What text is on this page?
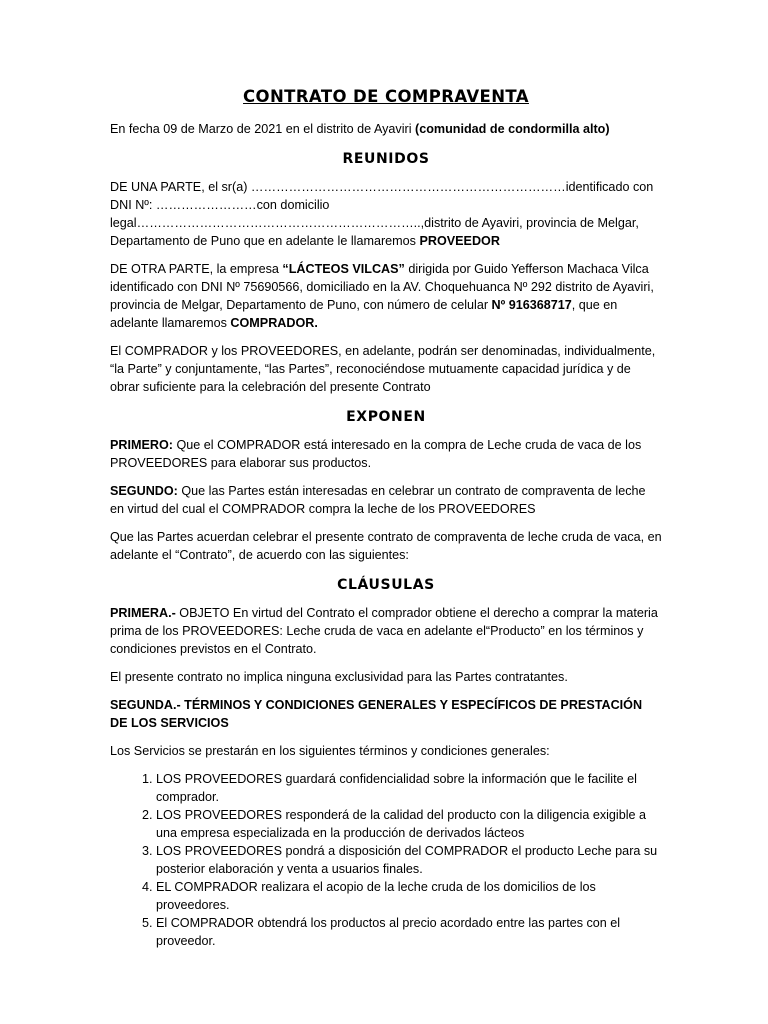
CONTRATO DE COMPRAVENTA

En fecha 09 de Marzo de 2021 en el distrito de Ayaviri (comunidad de condormilla alto)

REUNIDOS

DE UNA PARTE, el sr(a) …………………………………………………………………identificado con DNI Nº: ……………………con domicilio legal…………………………………………………………..,distrito de Ayaviri, provincia de Melgar, Departamento de Puno que en adelante le llamaremos PROVEEDOR

DE OTRA PARTE, la empresa “LÁCTEOS VILCAS” dirigida por Guido Yefferson Machaca Vilca identificado con DNI Nº 75690566, domiciliado en la AV. Choquehuanca Nº 292 distrito de Ayaviri, provincia de Melgar, Departamento de Puno, con número de celular Nº 916368717, que en adelante llamaremos COMPRADOR.

El COMPRADOR y los PROVEEDORES, en adelante, podrán ser denominadas, individualmente, “la Parte” y conjuntamente, “las Partes”, reconociéndose mutuamente capacidad jurídica y de obrar suficiente para la celebración del presente Contrato

EXPONEN

PRIMERO: Que el COMPRADOR está interesado en la compra de Leche cruda de vaca de los PROVEEDORES para elaborar sus productos.

SEGUNDO: Que las Partes están interesadas en celebrar un contrato de compraventa de leche en virtud del cual el COMPRADOR compra la leche de los PROVEEDORES

Que las Partes acuerdan celebrar el presente contrato de compraventa de leche cruda de vaca, en adelante el “Contrato”, de acuerdo con las siguientes:

CLÁUSULAS

PRIMERA.- OBJETO En virtud del Contrato el comprador obtiene el derecho a comprar la materia prima de los PROVEEDORES: Leche cruda de vaca en adelante el“Producto” en los términos y condiciones previstos en el Contrato.

El presente contrato no implica ninguna exclusividad para las Partes contratantes.

SEGUNDA.- TÉRMINOS Y CONDICIONES GENERALES Y ESPECÍFICOS DE PRESTACIÓN DE LOS SERVICIOS

Los Servicios se prestarán en los siguientes términos y condiciones generales:

1. LOS PROVEEDORES guardará confidencialidad sobre la información que le facilite el comprador.
2. LOS PROVEEDORES responderá de la calidad del producto con la diligencia exigible a una empresa especializada en la producción de derivados lácteos
3. LOS PROVEEDORES pondrá a disposición del COMPRADOR el producto Leche para su posterior elaboración y venta a usuarios finales.
4. EL COMPRADOR realizara el acopio de la leche cruda de los domicilios de los proveedores.
5. El COMPRADOR obtendrá los productos al precio acordado entre las partes con el proveedor.
